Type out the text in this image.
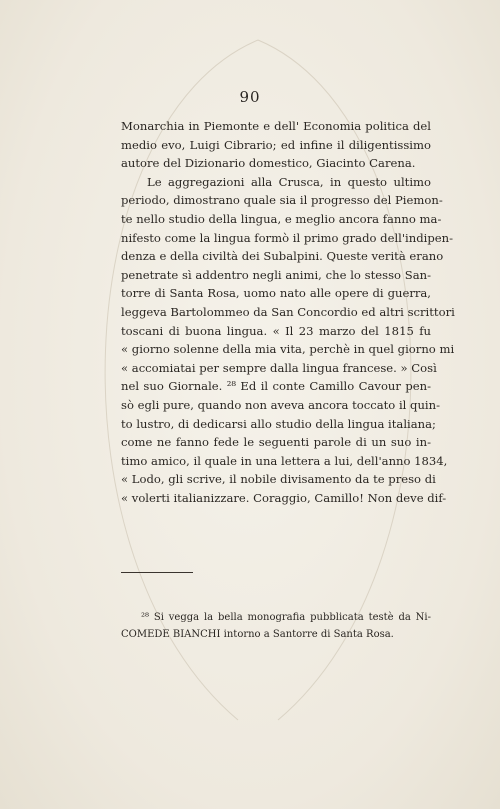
90
Monarchia in Piemonte e dell' Economia politica del
medio evo, Luigi Cibrario; ed infine il diligentissimo
autore del Dizionario domestico, Giacinto Carena.
Le aggregazioni alla Crusca, in questo ultimo
periodo, dimostrano quale sia il progresso del Piemon-
te nello studio della lingua, e meglio ancora fanno ma-
nifesto come la lingua formò il primo grado dell'indipen-
denza e della civiltà dei Subalpini. Queste verità erano
penetrate sì addentro negli animi, che lo stesso San-
torre di Santa Rosa, uomo nato alle opere di guerra,
leggeva Bartolommeo da San Concordio ed altri scrittori
toscani di buona lingua. « Il 23 marzo del 1815 fu
« giorno solenne della mia vita, perchè in quel giorno mi
« accomiatai per sempre dalla lingua francese. » Così
nel suo Giornale. ²⁸ Ed il conte Camillo Cavour pen-
sò egli pure, quando non aveva ancora toccato il quin-
to lustro, di dedicarsi allo studio della lingua italiana;
come ne fanno fede le seguenti parole di un suo in-
timo amico, il quale in una lettera a lui, dell'anno 1834,
« Lodo, gli scrive, il nobile divisamento da te preso di
« volerti italianizzare. Coraggio, Camillo! Non deve dif-
²⁸ Si vegga la bella monografia pubblicata testè da Ni-
COMEDE BIANCHI intorno a Santorre di Santa Rosa.
